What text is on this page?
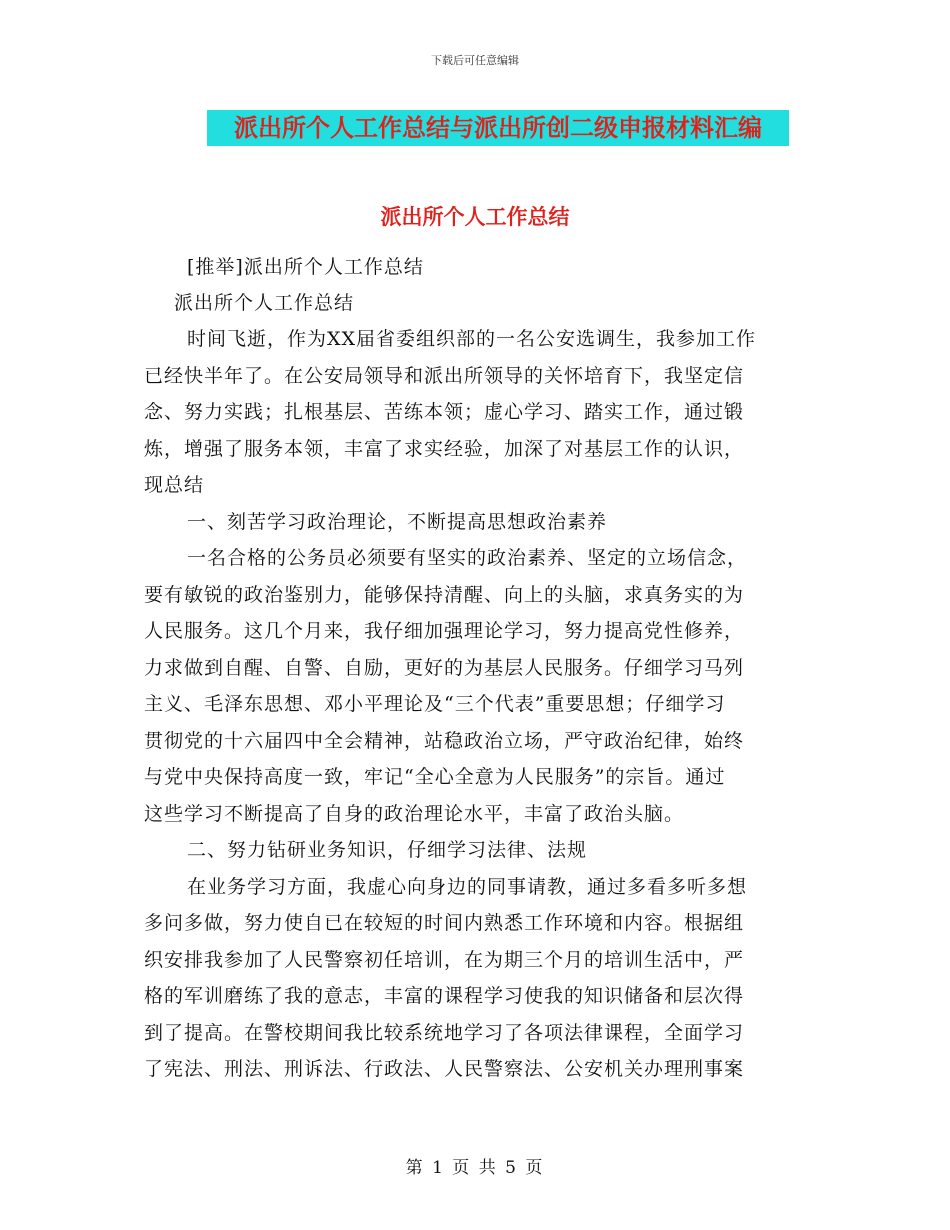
下载后可任意编辑
派出所个人工作总结与派出所创二级申报材料汇编
派出所个人工作总结
[推举]派出所个人工作总结
派出所个人工作总结
时间飞逝，作为XX届省委组织部的一名公安选调生，我参加工作
已经快半年了。在公安局领导和派出所领导的关怀培育下，我坚定信
念、努力实践；扎根基层、苦练本领；虚心学习、踏实工作，通过锻
炼，增强了服务本领，丰富了求实经验，加深了对基层工作的认识，
现总结
一、刻苦学习政治理论，不断提高思想政治素养
一名合格的公务员必须要有坚实的政治素养、坚定的立场信念，
要有敏锐的政治鉴别力，能够保持清醒、向上的头脑，求真务实的为
人民服务。这几个月来，我仔细加强理论学习，努力提高党性修养，
力求做到自醒、自警、自励，更好的为基层人民服务。仔细学习马列
主义、毛泽东思想、邓小平理论及“三个代表”重要思想；仔细学习
贯彻党的十六届四中全会精神，站稳政治立场，严守政治纪律，始终
与党中央保持高度一致，牢记“全心全意为人民服务”的宗旨。通过
这些学习不断提高了自身的政治理论水平，丰富了政治头脑。
二、努力钻研业务知识，仔细学习法律、法规
在业务学习方面，我虚心向身边的同事请教，通过多看多听多想
多问多做，努力使自已在较短的时间内熟悉工作环境和内容。根据组
织安排我参加了人民警察初任培训，在为期三个月的培训生活中，严
格的军训磨练了我的意志，丰富的课程学习使我的知识储备和层次得
到了提高。在警校期间我比较系统地学习了各项法律课程，全面学习
了宪法、刑法、刑诉法、行政法、人民警察法、公安机关办理刑事案
第 1 页 共 5 页
